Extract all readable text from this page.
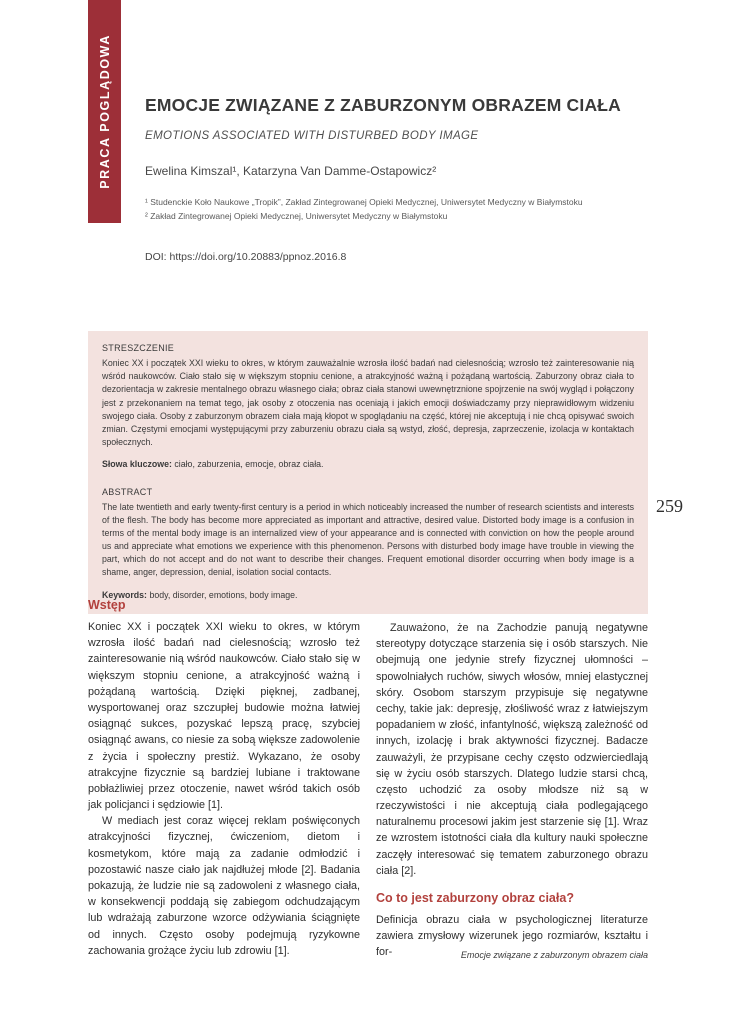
PRACA POGLĄDOWA EMOCJE ZWIĄZANE Z ZABURZONYM OBRAZEM CIAŁA
EMOTIONS ASSOCIATED WITH DISTURBED BODY IMAGE
Ewelina Kimszal¹, Katarzyna Van Damme-Ostapowicz²
¹ Studenckie Koło Naukowe „Tropik”, Zakład Zintegrowanej Opieki Medycznej, Uniwersytet Medyczny w Białymstoku
² Zakład Zintegrowanej Opieki Medycznej, Uniwersytet Medyczny w Białymstoku
DOI: https://doi.org/10.20883/ppnoz.2016.8
STRESZCZENIE

Koniec XX i początek XXI wieku to okres, w którym zauważalnie wzrosła ilość badań nad cielesnością; wzrosło też zainteresowanie nią wśród naukowców. Ciało stało się w większym stopniu cenione, a atrakcyjność ważną i pożądaną wartością. Zaburzony obraz ciała to dezorientacja w zakresie mentalnego obrazu własnego ciała; obraz ciała stanowi uwewnętrznione spojrzenie na swój wygląd i połączony jest z przekonaniem na temat tego, jak osoby z otoczenia nas oceniają i jakich emocji doświadczamy przy nieprawidłowym widzeniu swojego ciała. Osoby z zaburzonym obrazem ciała mają kłopot w spoglądaniu na część, której nie akceptują i nie chcą opisywać swoich zmian. Częstymi emocjami występującymi przy zaburzeniu obrazu ciała są wstyd, złość, depresja, zaprzeczenie, izolacja w kontaktach społecznych.

Słowa kluczowe: ciało, zaburzenia, emocje, obraz ciała.

ABSTRACT

The late twentieth and early twenty-first century is a period in which noticeably increased the number of research scientists and interests of the flesh. The body has become more appreciated as important and attractive, desired value. Distorted body image is a confusion in terms of the mental body image is an internalized view of your appearance and is connected with conviction on how the people around us and appreciate what emotions we experience with this phenomenon. Persons with disturbed body image have trouble in viewing the part, which do not accept and do not want to describe their changes. Frequent emotional disorder occurring when body image is a shame, anger, depression, denial, isolation social contacts.

Keywords: body, disorder, emotions, body image.

259
Wstęp

Koniec XX i początek XXI wieku to okres, w którym wzrosła ilość badań nad cielesnością; wzrosło też zainteresowanie nią wśród naukowców. Ciało stało się w większym stopniu cenione, a atrakcyjność ważną i pożądaną wartością. Dzięki pięknej, zadbanej, wysportowanej oraz szczupłej budowie można łatwiej osiągnąć sukces, pozyskać lepszą pracę, szybciej osiągnąć awans, co niesie za sobą większe zadowolenie z życia i społeczny prestiż. Wykazano, że osoby atrakcyjne fizycznie są bardziej lubiane i traktowane pobłażliwiej przez otoczenie, nawet wśród takich osób jak policjanci i sędziowie [1].

W mediach jest coraz więcej reklam poświęconych atrakcyjności fizycznej, ćwiczeniom, dietom i kosmetykom, które mają za zadanie odmłodzić i pozostawić nasze ciało jak najdłużej młode [2]. Badania pokazują, że ludzie nie są zadowoleni z własnego ciała, w konsekwencji poddają się zabiegom odchudzającym lub wdrażają zaburzone wzorce odżywiania ściągnięte od innych. Często osoby podejmują ryzykowne zachowania grożące życiu lub zdrowiu [1].

Zauważono, że na Zachodzie panują negatywne stereotypy dotyczące starzenia się i osób starszych. Nie obejmują one jedynie strefy fizycznej ułomności – spowolniałych ruchów, siwych włosów, mniej elastycznej skóry. Osobom starszym przypisuje się negatywne cechy, takie jak: depresję, złośliwość wraz z łatwiejszym popadaniem w złość, infantylność, większą zależność od innych, izolację i brak aktywności fizycznej. Badacze zauważyli, że przypisane cechy często odzwierciedlają się w życiu osób starszych. Dlatego ludzie starsi chcą, często uchodzić za osoby młodsze niż są w rzeczywistości i nie akceptują ciała podlegającego naturalnemu procesowi jakim jest starzenie się [1]. Wraz ze wzrostem istotności ciała dla kultury nauki społeczne zaczęły interesować się tematem zaburzonego obrazu ciała [2].

Co to jest zaburzony obraz ciała?

Definicja obrazu ciała w psychologicznej literaturze zawiera zmysłowy wizerunek jego rozmiarów, kształtu i for-	Emocje związane z zaburzonym obrazem ciała
